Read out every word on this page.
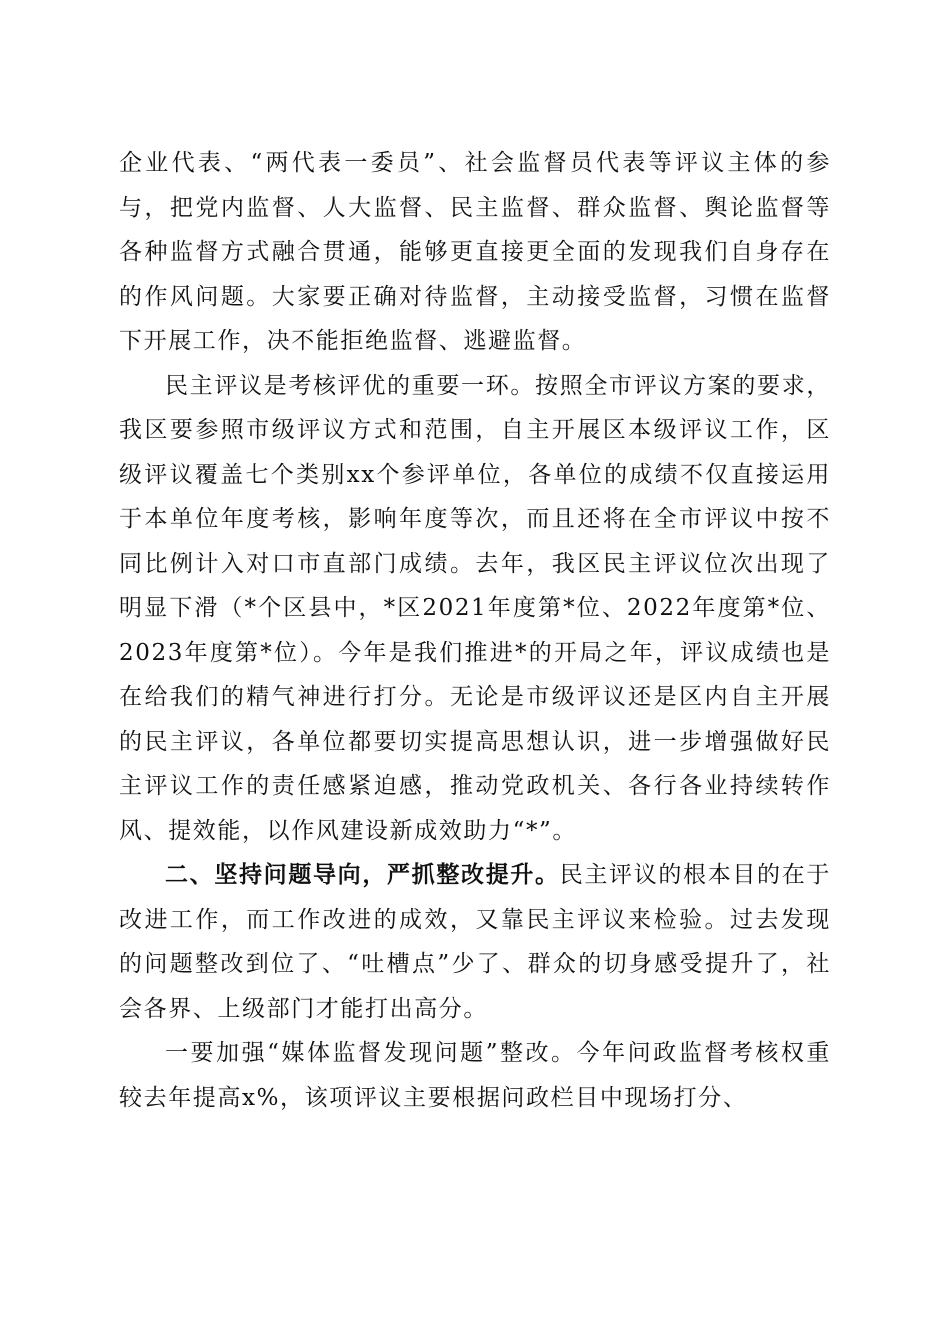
企业代表、“两代表一委员”、社会监督员代表等评议主体的参与，把党内监督、人大监督、民主监督、群众监督、舆论监督等各种监督方式融合贯通，能够更直接更全面的发现我们自身存在的作风问题。大家要正确对待监督，主动接受监督，习惯在监督下开展工作，决不能拒绝监督、逃避监督。

民主评议是考核评优的重要一环。按照全市评议方案的要求，我区要参照市级评议方式和范围，自主开展区本级评议工作，区级评议覆盖七个类别xx个参评单位，各单位的成绩不仅直接运用于本单位年度考核，影响年度等次，而且还将在全市评议中按不同比例计入对口市直部门成绩。去年，我区民主评议位次出现了明显下滑（*个区县中，*区2021年度第*位、2022年度第*位、2023年度第*位）。今年是我们推进*的开局之年，评议成绩也是在给我们的精气神进行打分。无论是市级评议还是区内自主开展的民主评议，各单位都要切实提高思想认识，进一步增强做好民主评议工作的责任感紧迫感，推动党政机关、各行各业持续转作风、提效能，以作风建设新成效助力“*”。

二、坚持问题导向，严抓整改提升。民主评议的根本目的在于改进工作，而工作改进的成效，又靠民主评议来检验。过去发现的问题整改到位了、“吐槽点”少了、群众的切身感受提升了，社会各界、上级部门才能打出高分。

一要加强“媒体监督发现问题”整改。今年问政监督考核权重较去年提高x%，该项评议主要根据问政栏目中现场打分、
